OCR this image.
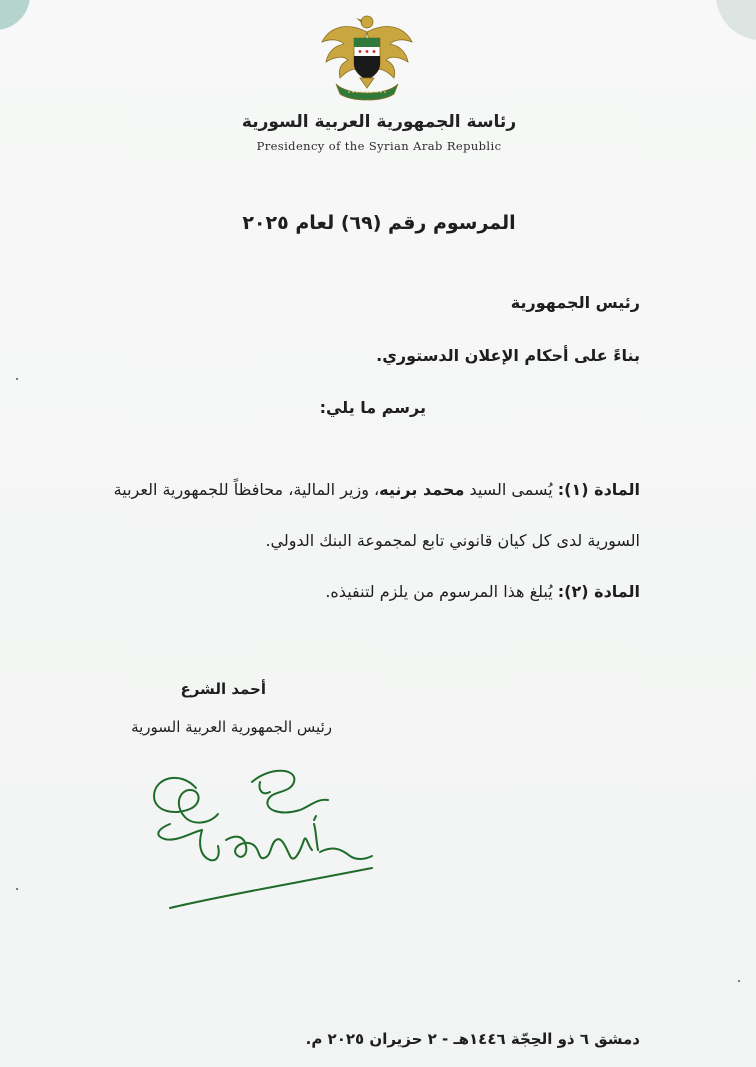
رئاسة الجمهورية العربية السورية
Presidency of the Syrian Arab Republic
المرسوم رقم (٦٩) لعام ٢٠٢٥
رئيس الجمهورية
بناءً على أحكام الإعلان الدستوري.
يرسم ما يلي:
المادة (١): يُسمى السيد محمد برنيه، وزير المالية، محافظاً للجمهورية العربية
السورية لدى كل كيان قانوني تابع لمجموعة البنك الدولي.
المادة (٢): يُبلغ هذا المرسوم من يلزم لتنفيذه.
أحمد الشرع
رئيس الجمهورية العربية السورية
دمشق ٦ ذو الحِجّة ١٤٤٦هـ - ٢ حزيران ٢٠٢٥ م.
